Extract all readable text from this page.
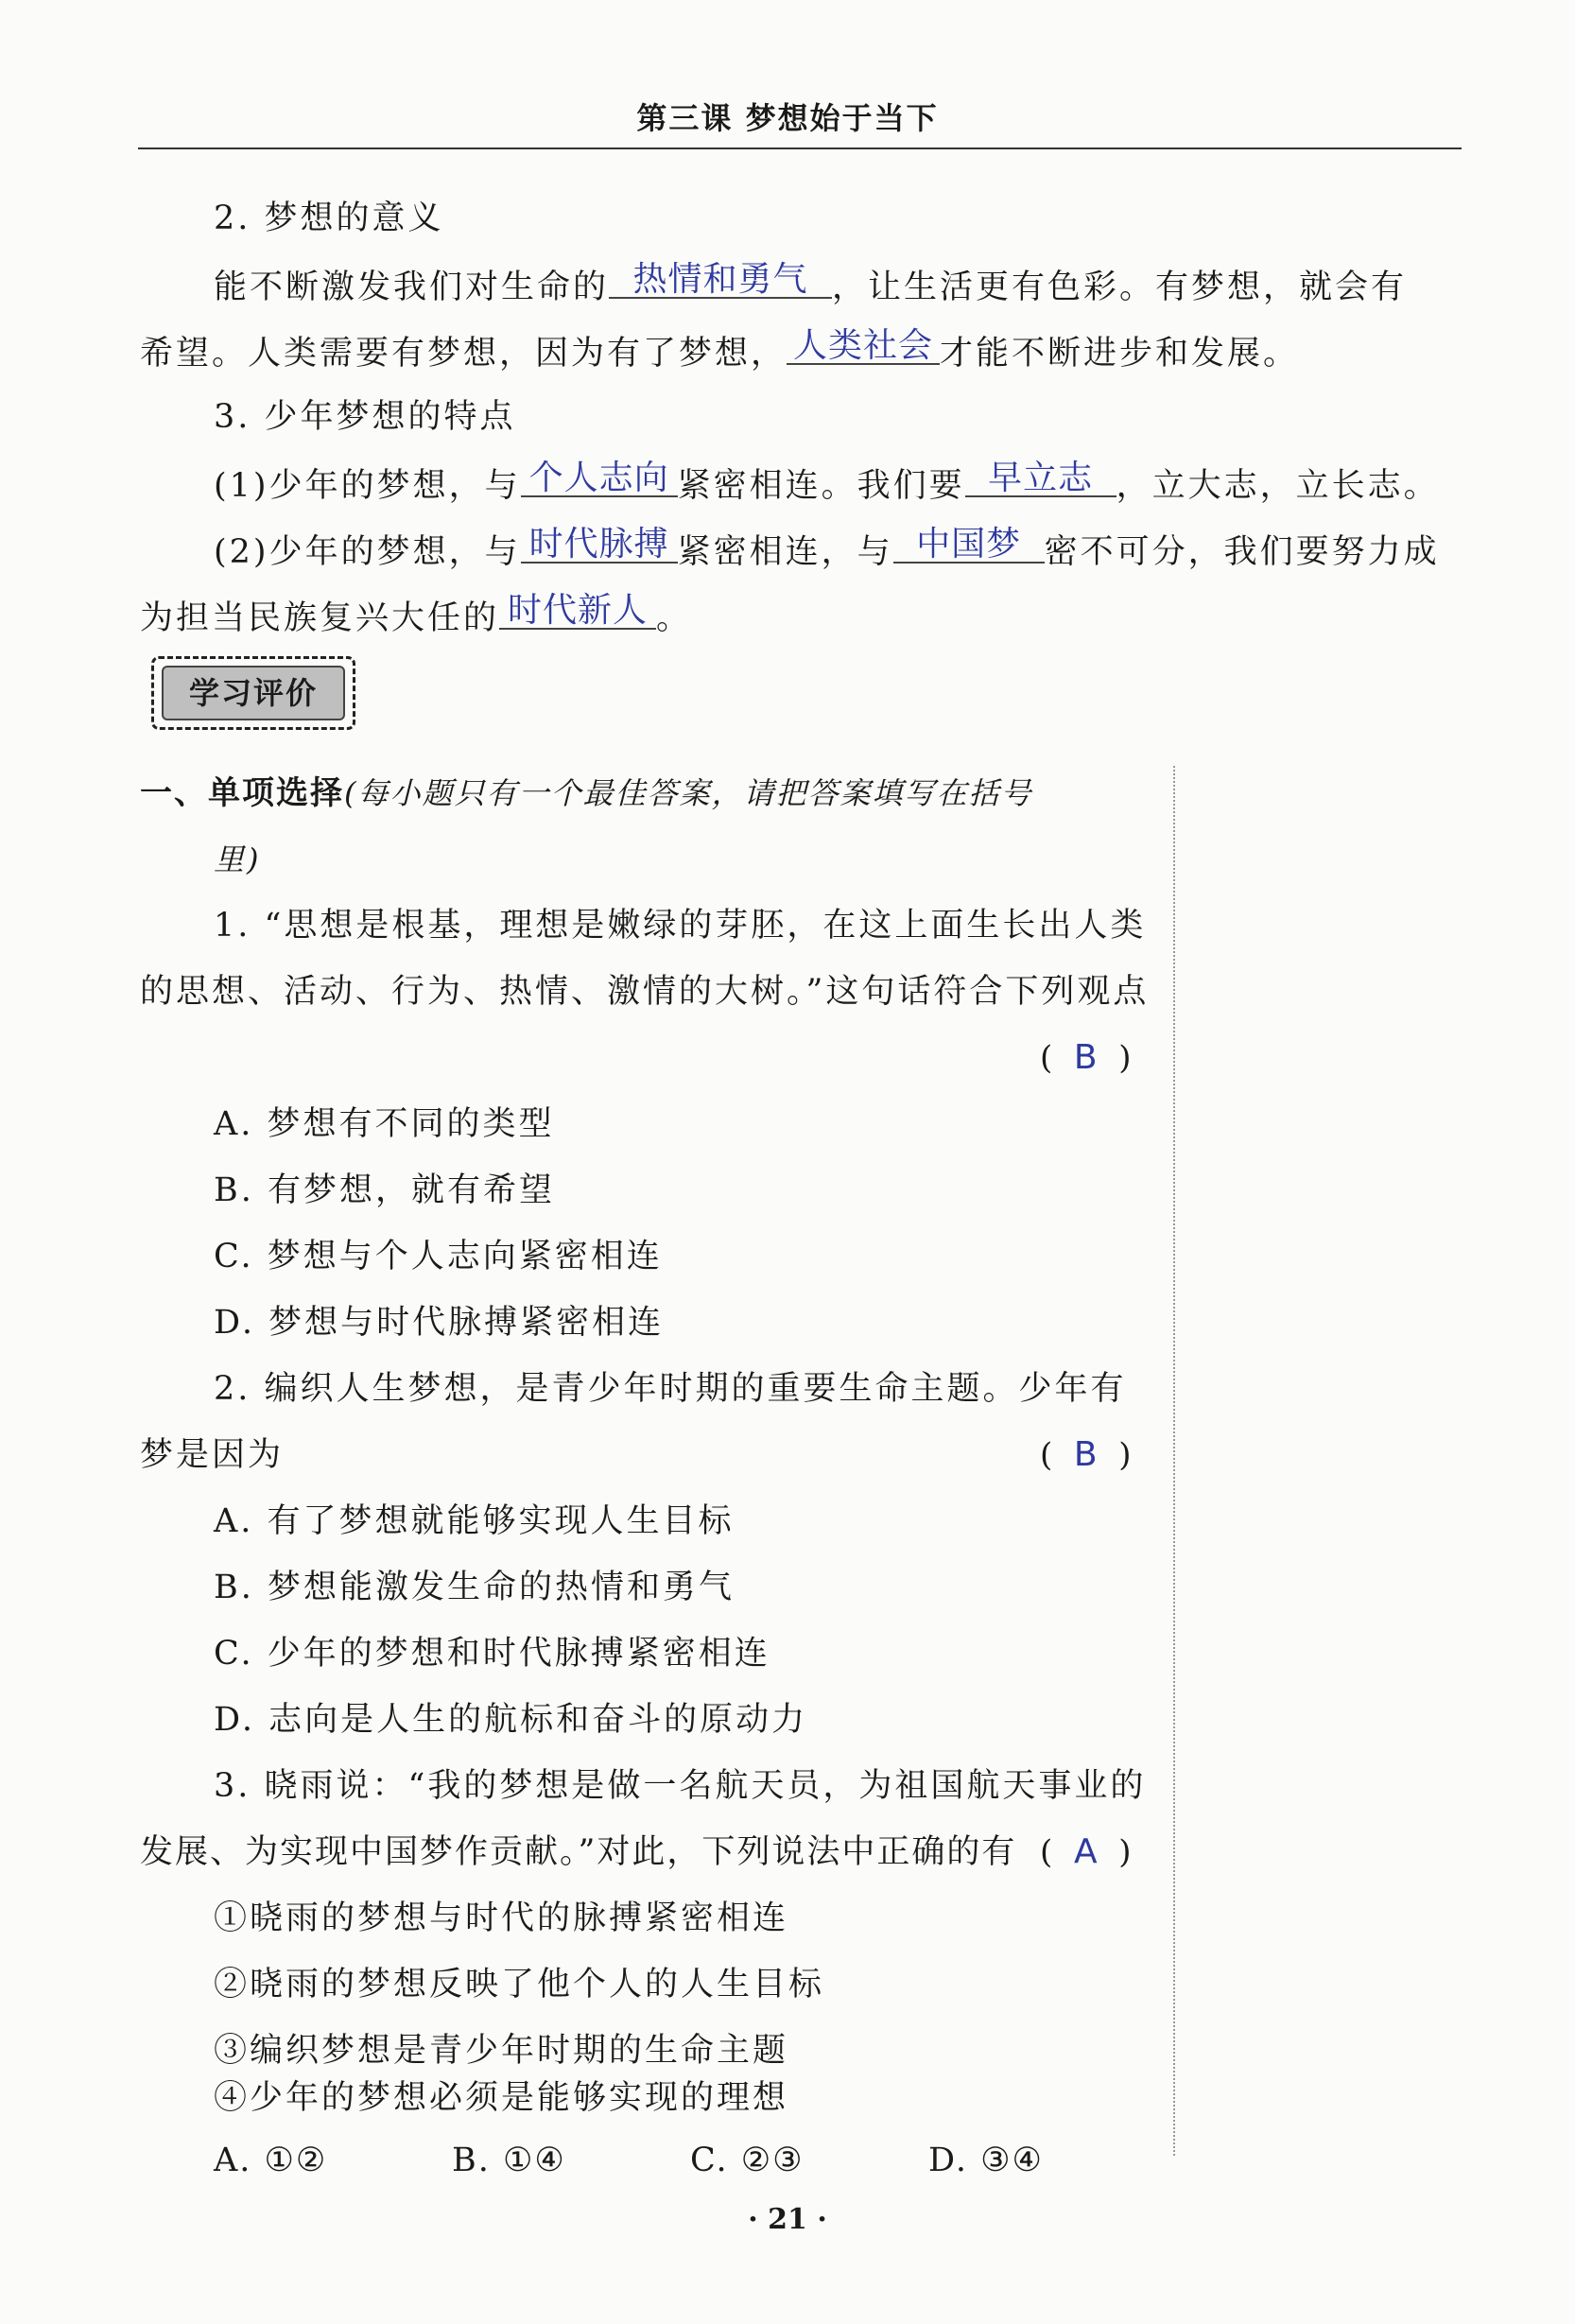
第三课 梦想始于当下
2. 梦想的意义
能不断激发我们对生命的 热情和勇气 ，让生活更有色彩。有梦想，就会有
希望。人类需要有梦想，因为有了梦想， 人类社会 才能不断进步和发展。
3. 少年梦想的特点
(1)少年的梦想，与 个人志向 紧密相连。我们要 早立志 ，立大志，立长志。
(2)少年的梦想，与 时代脉搏 紧密相连，与 中国梦 密不可分，我们要努力成
为担当民族复兴大任的 时代新人 。
学习评价
一、单项选择(每小题只有一个最佳答案，请把答案填写在括号
里)
1. “思想是根基，理想是嫩绿的芽胚，在这上面生长出人类
的思想、活动、行为、热情、激情的大树。”这句话符合下列观点
( B )
A. 梦想有不同的类型
B. 有梦想，就有希望
C. 梦想与个人志向紧密相连
D. 梦想与时代脉搏紧密相连
2. 编织人生梦想，是青少年时期的重要生命主题。少年有
梦是因为	( B )
A. 有了梦想就能够实现人生目标
B. 梦想能激发生命的热情和勇气
C. 少年的梦想和时代脉搏紧密相连
D. 志向是人生的航标和奋斗的原动力
3. 晓雨说：“我的梦想是做一名航天员，为祖国航天事业的
发展、为实现中国梦作贡献。”对此，下列说法中正确的有 ( A )
①晓雨的梦想与时代的脉搏紧密相连
②晓雨的梦想反映了他个人的人生目标
③编织梦想是青少年时期的生命主题
④少年的梦想必须是能够实现的理想
A. ①②	B. ①④	C. ②③	D. ③④
· 21 ·
